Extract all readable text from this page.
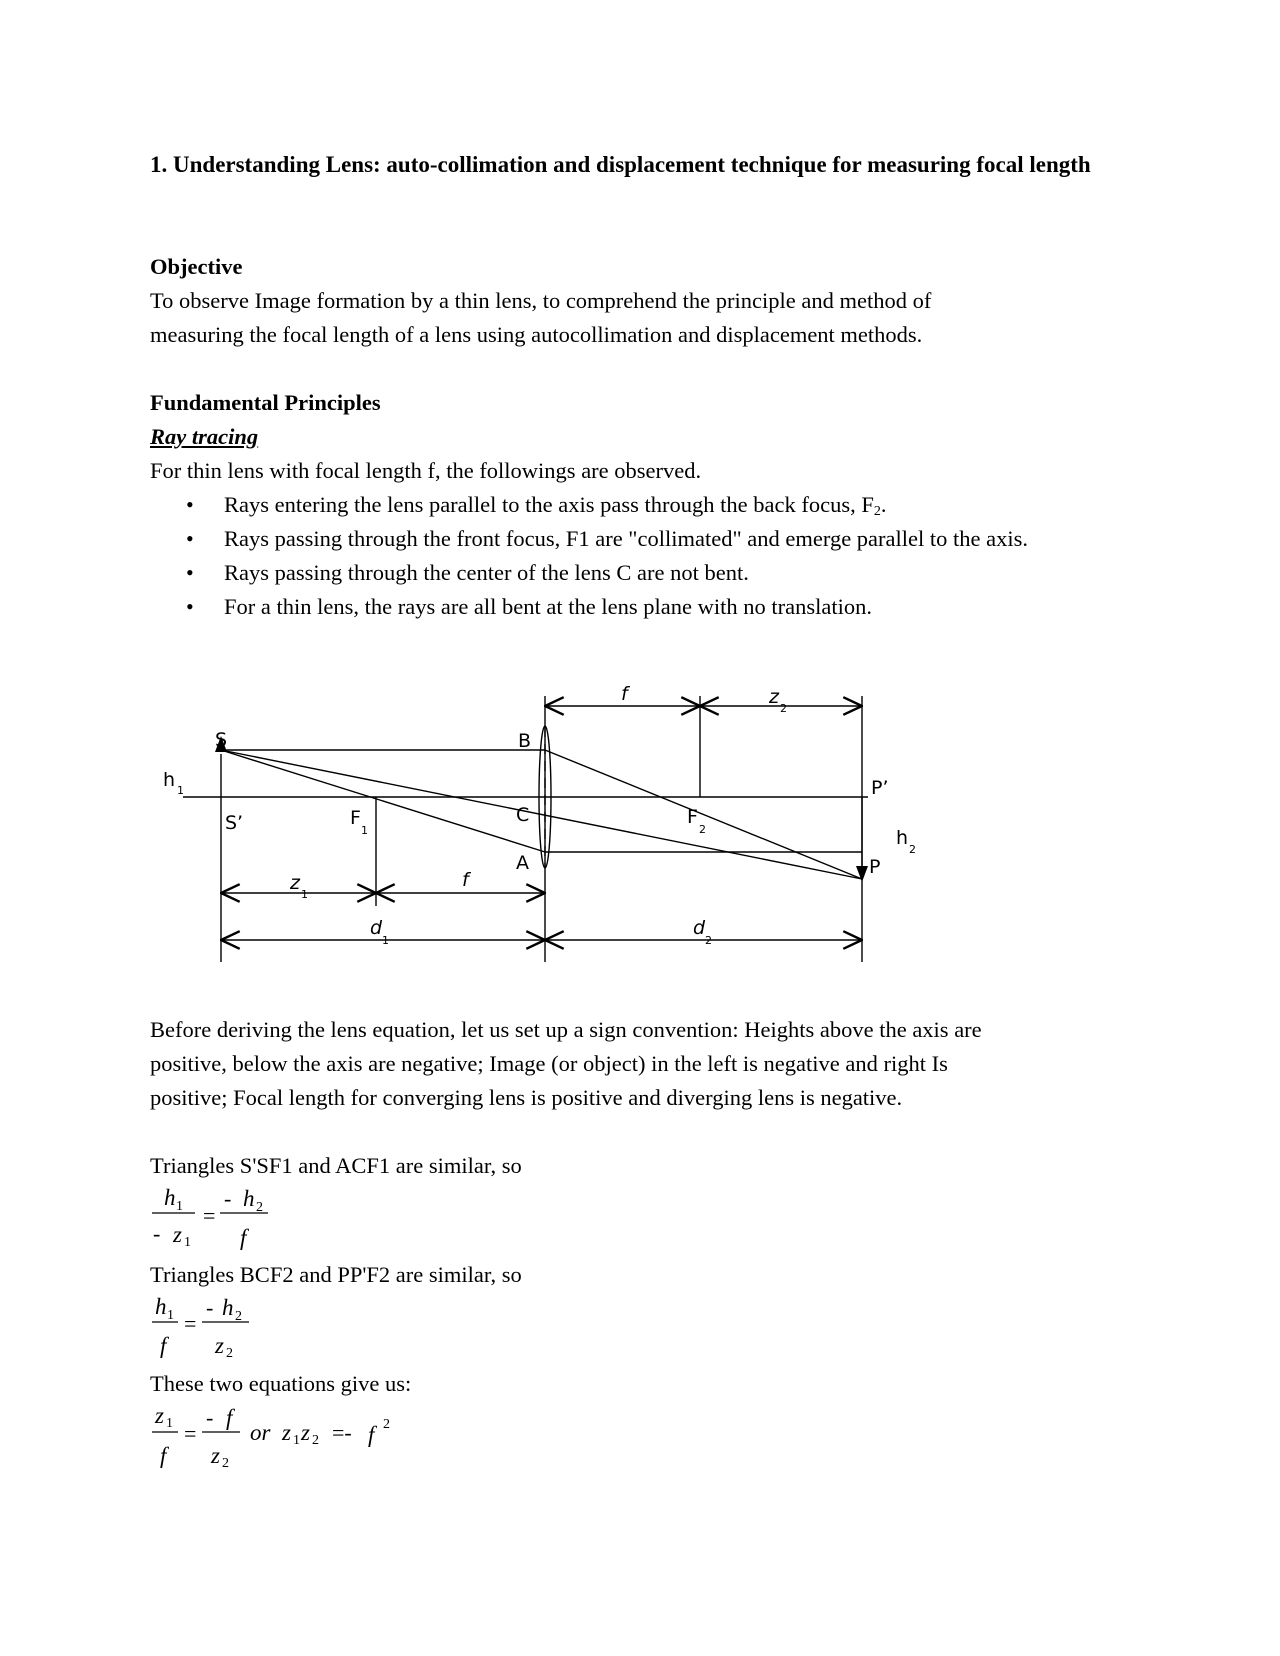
1. Understanding Lens: auto-collimation and displacement technique for measuring focal length
Objective
To observe Image formation by a thin lens, to comprehend the principle and method of
measuring the focal length of a lens using autocollimation and displacement methods.
Fundamental Principles
Ray tracing
For thin lens with focal length f, the followings are observed.
• Rays entering the lens parallel to the axis pass through the back focus, $F_2$.
• Rays passing through the front focus, F1 are "collimated" and emerge parallel to the axis.
• Rays passing through the center of the lens C are not bent.
• For a thin lens, the rays are all bent at the lens plane with no translation.
S
S’
h 1
F
1
B
C
A
F
2
P’
P
h
2
f	z
2
z
1
f
d
1
d
2
Before deriving the lens equation, let us set up a sign convention: Heights above the axis are
positive, below the axis are negative; Image (or object) in the left is negative and right Is
positive; Focal length for converging lens is positive and diverging lens is negative.
Triangles S'SF1 and ACF1 are similar, so
Triangles BCF2 and PP'F2 are similar, so
These two equations give us:
h 1
- z 1
=
- h 2
f
h 1
f
=
- h 2
z 2
z 1
f
=
- f
z 2
or z 1 z 2 =- f 2
